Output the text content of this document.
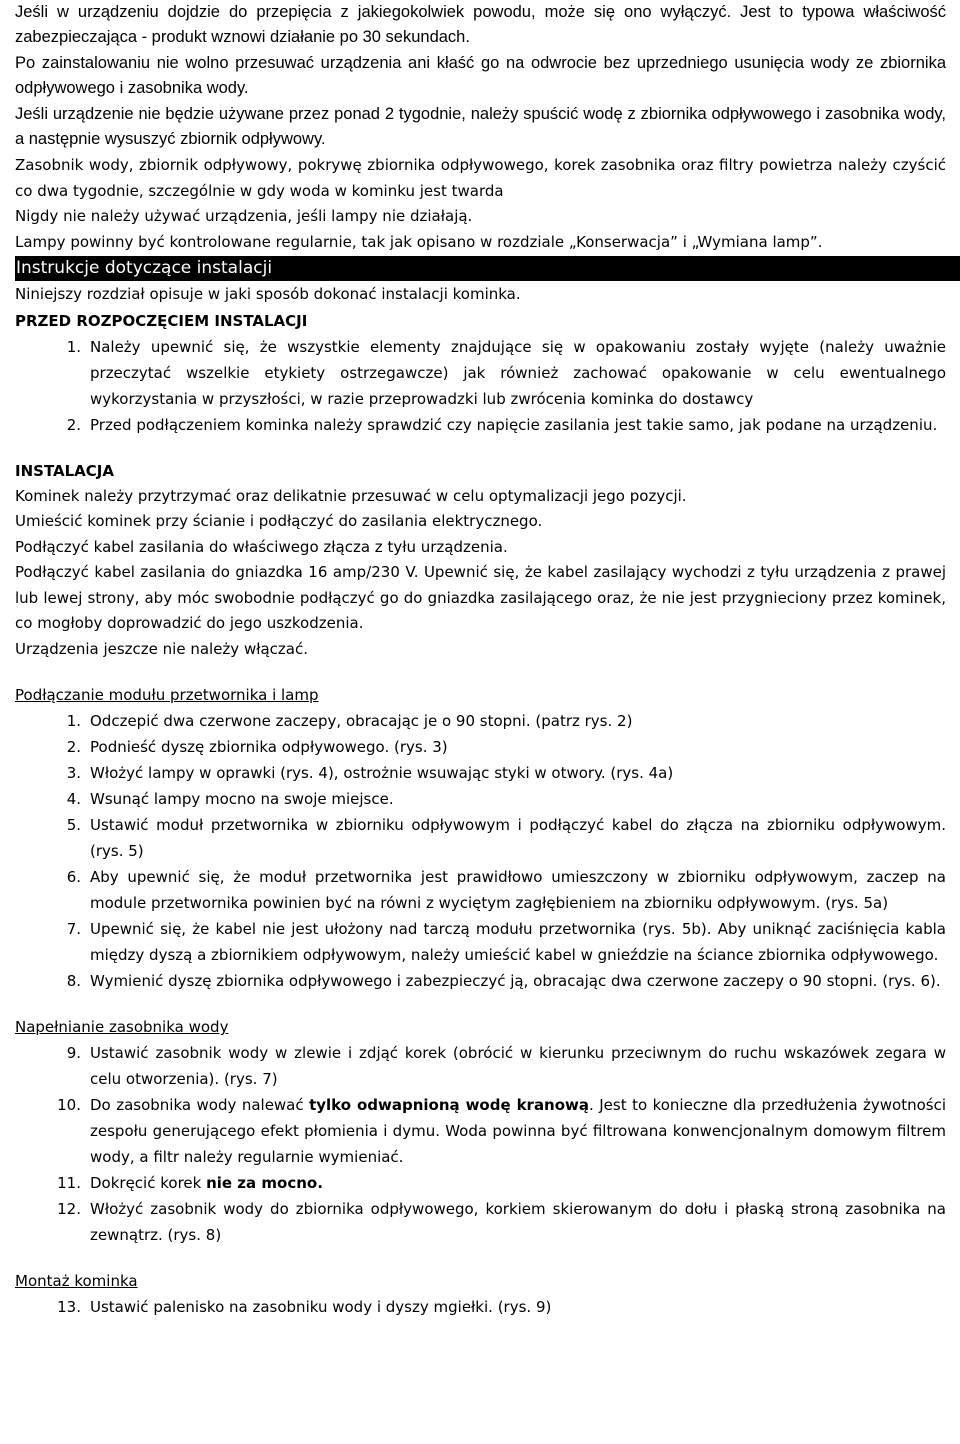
Jeśli w urządzeniu dojdzie do przepięcia z jakiegokolwiek powodu, może się ono wyłączyć. Jest to typowa właściwość zabezpieczająca - produkt wznowi działanie po 30 sekundach.

Po zainstalowaniu nie wolno przesuwać urządzenia ani kłaść go na odwrocie bez uprzedniego usunięcia wody ze zbiornika odpływowego i zasobnika wody.

Jeśli urządzenie nie będzie używane przez ponad 2 tygodnie, należy spuścić wodę z zbiornika odpływowego i zasobnika wody, a następnie wysuszyć zbiornik odpływowy.

Zasobnik wody, zbiornik odpływowy, pokrywę zbiornika odpływowego, korek zasobnika oraz filtry powietrza należy czyścić co dwa tygodnie, szczególnie w gdy woda w kominku jest twarda

Nigdy nie należy używać urządzenia, jeśli lampy nie działają.

Lampy powinny być kontrolowane regularnie, tak jak opisano w rozdziale „Konserwacja” i „Wymiana lamp”.

Instrukcje dotyczące instalacji

Niniejszy rozdział opisuje w jaki sposób dokonać instalacji kominka.

PRZED ROZPOCZĘCIEM INSTALACJI

1. Należy upewnić się, że wszystkie elementy znajdujące się w opakowaniu zostały wyjęte (należy uważnie przeczytać wszelkie etykiety ostrzegawcze) jak również zachować opakowanie w celu ewentualnego wykorzystania w przyszłości, w razie przeprowadzki lub zwrócenia kominka do dostawcy
2. Przed podłączeniem kominka należy sprawdzić czy napięcie zasilania jest takie samo, jak podane na urządzeniu.

INSTALACJA

Kominek należy przytrzymać oraz delikatnie przesuwać w celu optymalizacji jego pozycji.

Umieścić kominek przy ścianie i podłączyć do zasilania elektrycznego.

Podłączyć kabel zasilania do właściwego złącza z tyłu urządzenia.

Podłączyć kabel zasilania do gniazdka 16 amp/230 V. Upewnić się, że kabel zasilający wychodzi z tyłu urządzenia z prawej lub lewej strony, aby móc swobodnie podłączyć go do gniazdka zasilającego oraz, że nie jest przygnieciony przez kominek, co mogłoby doprowadzić do jego uszkodzenia.

Urządzenia jeszcze nie należy włączać.

Podłączanie modułu przetwornika i lamp

1. Odczepić dwa czerwone zaczepy, obracając je o 90 stopni. (patrz rys. 2)
2. Podnieść dyszę zbiornika odpływowego. (rys. 3)
3. Włożyć lampy w oprawki (rys. 4), ostrożnie wsuwając styki w otwory. (rys. 4a)
4. Wsunąć lampy mocno na swoje miejsce.
5. Ustawić moduł przetwornika w zbiorniku odpływowym i podłączyć kabel do złącza na zbiorniku odpływowym. (rys. 5)
6. Aby upewnić się, że moduł przetwornika jest prawidłowo umieszczony w zbiorniku odpływowym, zaczep na module przetwornika powinien być na równi z wyciętym zagłębieniem na zbiorniku odpływowym. (rys. 5a)
7. Upewnić się, że kabel nie jest ułożony nad tarczą modułu przetwornika (rys. 5b). Aby uniknąć zaciśnięcia kabla między dyszą a zbiornikiem odpływowym, należy umieścić kabel w gnieździe na ściance zbiornika odpływowego.
8. Wymienić dyszę zbiornika odpływowego i zabezpieczyć ją, obracając dwa czerwone zaczepy o 90 stopni. (rys. 6).

Napełnianie zasobnika wody

9. Ustawić zasobnik wody w zlewie i zdjąć korek (obrócić w kierunku przeciwnym do ruchu wskazówek zegara w celu otworzenia). (rys. 7)
10. Do zasobnika wody nalewać tylko odwapnioną wodę kranową. Jest to konieczne dla przedłużenia żywotności zespołu generującego efekt płomienia i dymu. Woda powinna być filtrowana konwencjonalnym domowym filtrem wody, a filtr należy regularnie wymieniać.
11. Dokręcić korek nie za mocno.
12. Włożyć zasobnik wody do zbiornika odpływowego, korkiem skierowanym do dołu i płaską stroną zasobnika na zewnątrz. (rys. 8)

Montaż kominka

13. Ustawić palenisko na zasobniku wody i dyszy mgiełki. (rys. 9)
